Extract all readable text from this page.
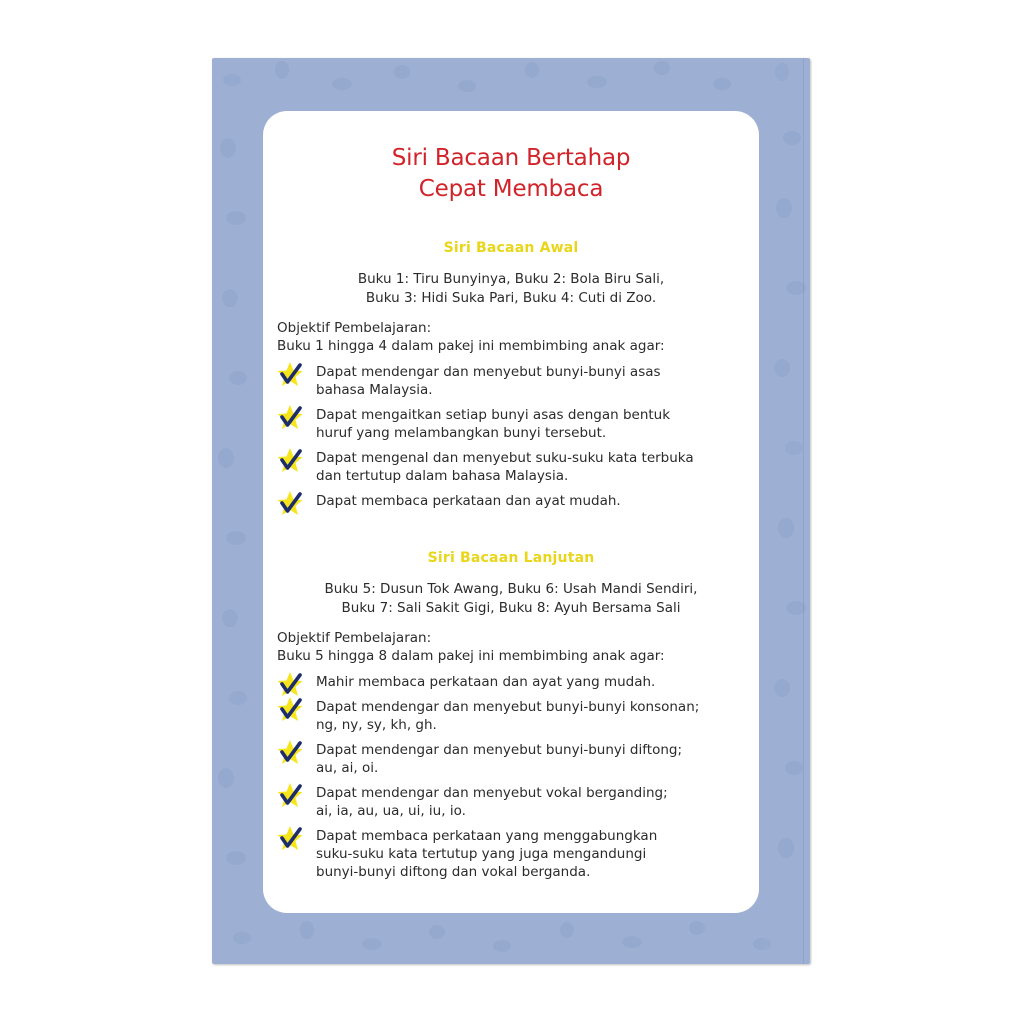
Siri Bacaan Bertahap
Cepat Membaca
Siri Bacaan Awal
Buku 1: Tiru Bunyinya, Buku 2: Bola Biru Sali,
Buku 3: Hidi Suka Pari, Buku 4: Cuti di Zoo.
Objektif Pembelajaran:
Buku 1 hingga 4 dalam pakej ini membimbing anak agar:
Dapat mendengar dan menyebut bunyi-bunyi asas
bahasa Malaysia.
Dapat mengaitkan setiap bunyi asas dengan bentuk
huruf yang melambangkan bunyi tersebut.
Dapat mengenal dan menyebut suku-suku kata terbuka
dan tertutup dalam bahasa Malaysia.
Dapat membaca perkataan dan ayat mudah.
Siri Bacaan Lanjutan
Buku 5: Dusun Tok Awang, Buku 6: Usah Mandi Sendiri,
Buku 7: Sali Sakit Gigi, Buku 8: Ayuh Bersama Sali
Objektif Pembelajaran:
Buku 5 hingga 8 dalam pakej ini membimbing anak agar:
Mahir membaca perkataan dan ayat yang mudah.
Dapat mendengar dan menyebut bunyi-bunyi konsonan;
ng, ny, sy, kh, gh.
Dapat mendengar dan menyebut bunyi-bunyi diftong;
au, ai, oi.
Dapat mendengar dan menyebut vokal berganding;
ai, ia, au, ua, ui, iu, io.
Dapat membaca perkataan yang menggabungkan
suku-suku kata tertutup yang juga mengandungi
bunyi-bunyi diftong dan vokal berganda.
